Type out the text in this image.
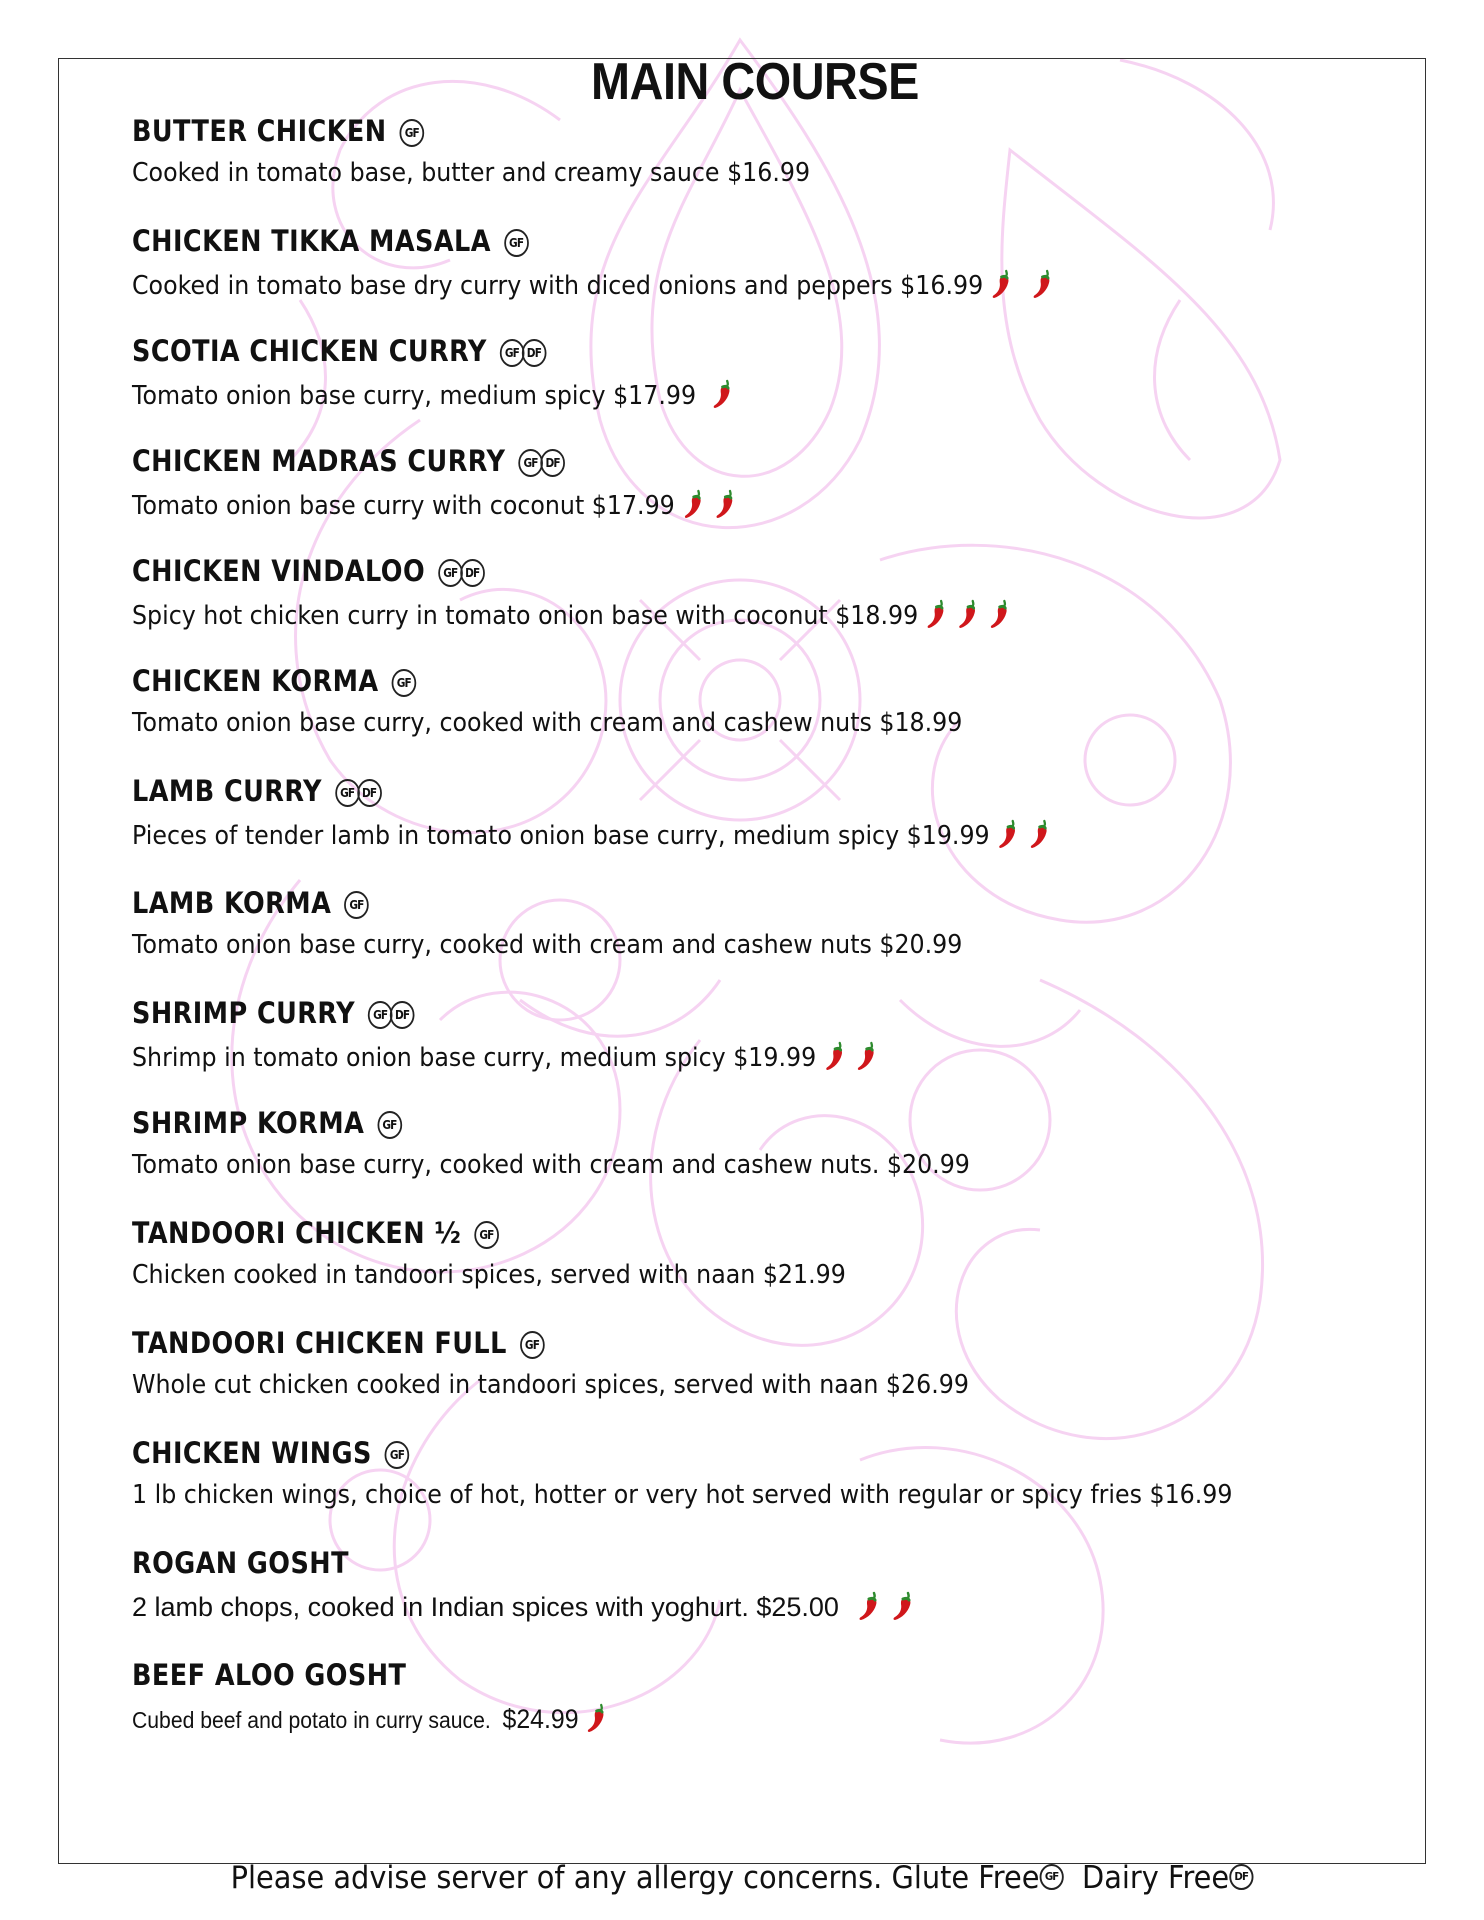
MAIN COURSE
BUTTER CHICKEN GF
Cooked in tomato base, butter and creamy sauce $16.99
CHICKEN TIKKA MASALA GF
Cooked in tomato base dry curry with diced onions and peppers $16.99
SCOTIA CHICKEN CURRY GF DF
Tomato onion base curry, medium spicy $17.99
CHICKEN MADRAS CURRY GF DF
Tomato onion base curry with coconut $17.99
CHICKEN VINDALOO GF DF
Spicy hot chicken curry in tomato onion base with coconut $18.99
CHICKEN KORMA GF
Tomato onion base curry, cooked with cream and cashew nuts $18.99
LAMB CURRY GF DF
Pieces of tender lamb in tomato onion base curry, medium spicy $19.99
LAMB KORMA GF
Tomato onion base curry, cooked with cream and cashew nuts $20.99
SHRIMP CURRY GF DF
Shrimp in tomato onion base curry, medium spicy $19.99
SHRIMP KORMA GF
Tomato onion base curry, cooked with cream and cashew nuts. $20.99
TANDOORI CHICKEN ½ GF
Chicken cooked in tandoori spices, served with naan $21.99
TANDOORI CHICKEN FULL GF
Whole cut chicken cooked in tandoori spices, served with naan $26.99
CHICKEN WINGS GF
1 lb chicken wings, choice of hot, hotter or very hot served with regular or spicy fries $16.99
ROGAN GOSHT
2 lamb chops, cooked in Indian spices with yoghurt. $25.00
BEEF ALOO GOSHT
Cubed beef and potato in curry sauce. $24.99
Please advise server of any allergy concerns. Glute Free GF Dairy Free DF
